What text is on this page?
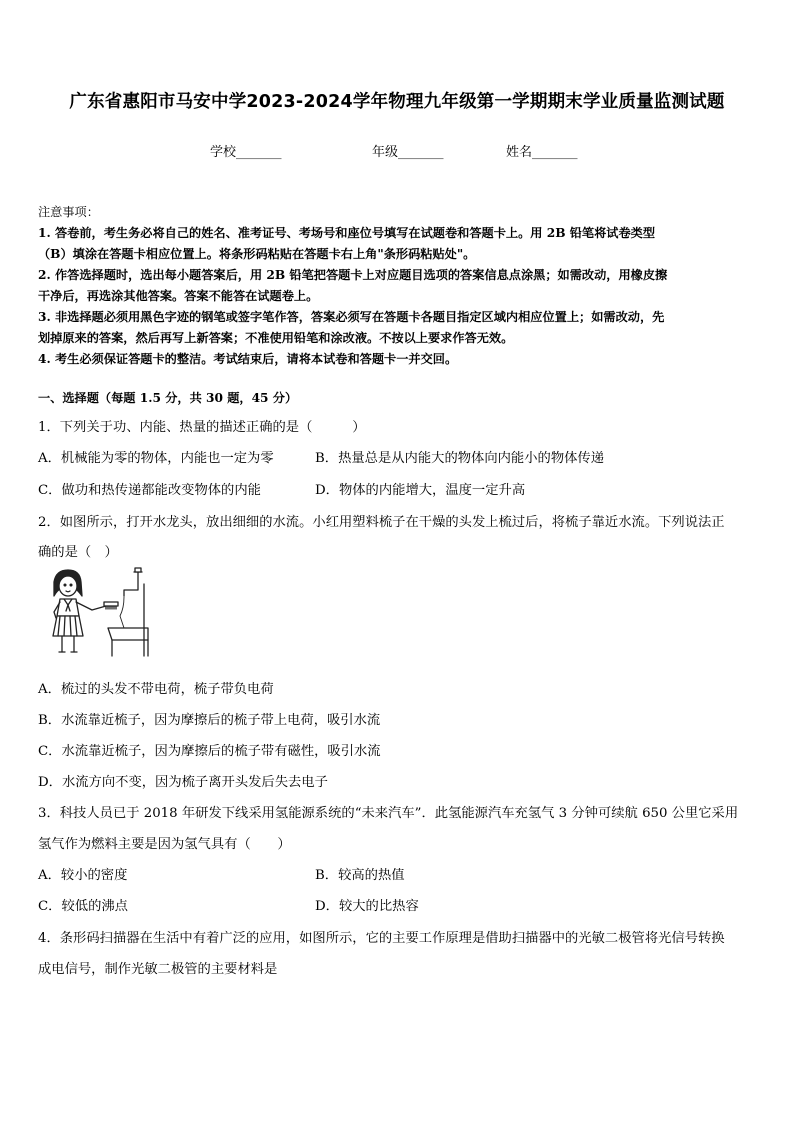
广东省惠阳市马安中学2023-2024学年物理九年级第一学期期末学业质量监测试题
学校_______	年级_______	姓名_______
注意事项：
1. 答卷前，考生务必将自己的姓名、准考证号、考场号和座位号填写在试题卷和答题卡上。用 2B 铅笔将试卷类型
（B）填涂在答题卡相应位置上。将条形码粘贴在答题卡右上角"条形码粘贴处"。
2. 作答选择题时，选出每小题答案后，用 2B 铅笔把答题卡上对应题目选项的答案信息点涂黑；如需改动，用橡皮擦
干净后，再选涂其他答案。答案不能答在试题卷上。
3. 非选择题必须用黑色字迹的钢笔或签字笔作答，答案必须写在答题卡各题目指定区域内相应位置上；如需改动，先
划掉原来的答案，然后再写上新答案；不准使用铅笔和涂改液。不按以上要求作答无效。
4. 考生必须保证答题卡的整洁。考试结束后，请将本试卷和答题卡一并交回。
一、选择题（每题 1.5 分，共 30 题，45 分）
1．下列关于功、内能、热量的描述正确的是（　　　）
A．机械能为零的物体，内能也一定为零	B．热量总是从内能大的物体向内能小的物体传递
C．做功和热传递都能改变物体的内能	D．物体的内能增大，温度一定升高
2．如图所示，打开水龙头，放出细细的水流。小红用塑料梳子在干燥的头发上梳过后，将梳子靠近水流。下列说法正
确的是（　）
A．梳过的头发不带电荷，梳子带负电荷
B．水流靠近梳子，因为摩擦后的梳子带上电荷，吸引水流
C．水流靠近梳子，因为摩擦后的梳子带有磁性，吸引水流
D．水流方向不变，因为梳子离开头发后失去电子
3．科技人员已于 2018 年研发下线采用氢能源系统的“未来汽车”．此氢能源汽车充氢气 3 分钟可续航 650 公里它采用
氢气作为燃料主要是因为氢气具有（　　）
A．较小的密度	B．较高的热值
C．较低的沸点	D．较大的比热容
4．条形码扫描器在生活中有着广泛的应用，如图所示，它的主要工作原理是借助扫描器中的光敏二极管将光信号转换
成电信号，制作光敏二极管的主要材料是
